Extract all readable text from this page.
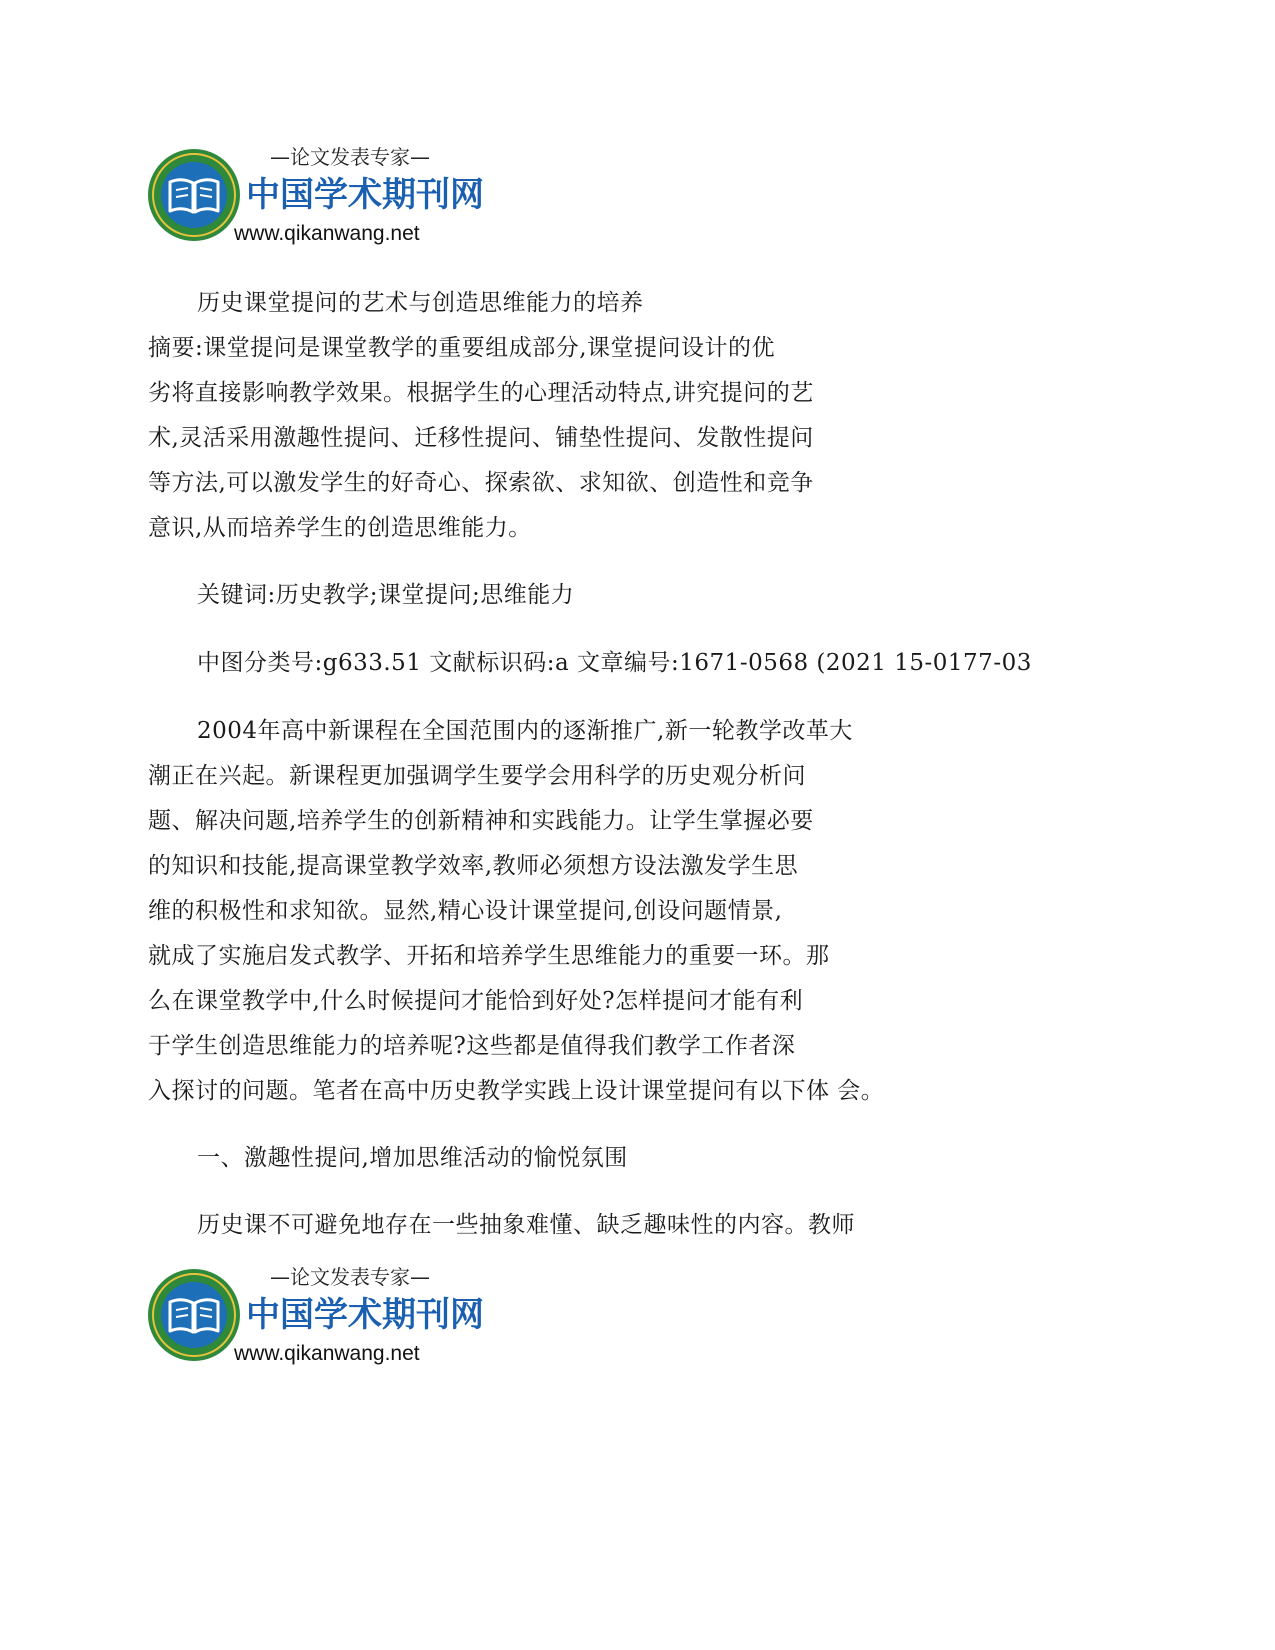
—论文发表专家—
中国学术期刊网
www.qikanwang.net
历史课堂提问的艺术与创造思维能力的培养
摘要:课堂提问是课堂教学的重要组成部分,课堂提问设计的优
劣将直接影响教学效果。根据学生的心理活动特点,讲究提问的艺
术,灵活采用激趣性提问、迁移性提问、铺垫性提问、发散性提问
等方法,可以激发学生的好奇心、探索欲、求知欲、创造性和竞争
意识,从而培养学生的创造思维能力。
关键词:历史教学;课堂提问;思维能力
中图分类号:g633.51 文献标识码:a 文章编号:1671-0568 (2021 15-0177-03
2004年高中新课程在全国范围内的逐渐推广,新一轮教学改革大
潮正在兴起。新课程更加强调学生要学会用科学的历史观分析问
题、解决问题,培养学生的创新精神和实践能力。让学生掌握必要
的知识和技能,提高课堂教学效率,教师必须想方设法激发学生思
维的积极性和求知欲。显然,精心设计课堂提问,创设问题情景,
就成了实施启发式教学、开拓和培养学生思维能力的重要一环。那
么在课堂教学中,什么时候提问才能恰到好处?怎样提问才能有利
于学生创造思维能力的培养呢?这些都是值得我们教学工作者深
入探讨的问题。笔者在高中历史教学实践上设计课堂提问有以下体 会。
一、激趣性提问,增加思维活动的愉悦氛围
历史课不可避免地存在一些抽象难懂、缺乏趣味性的内容。教师
—论文发表专家—
中国学术期刊网
www.qikanwang.net
